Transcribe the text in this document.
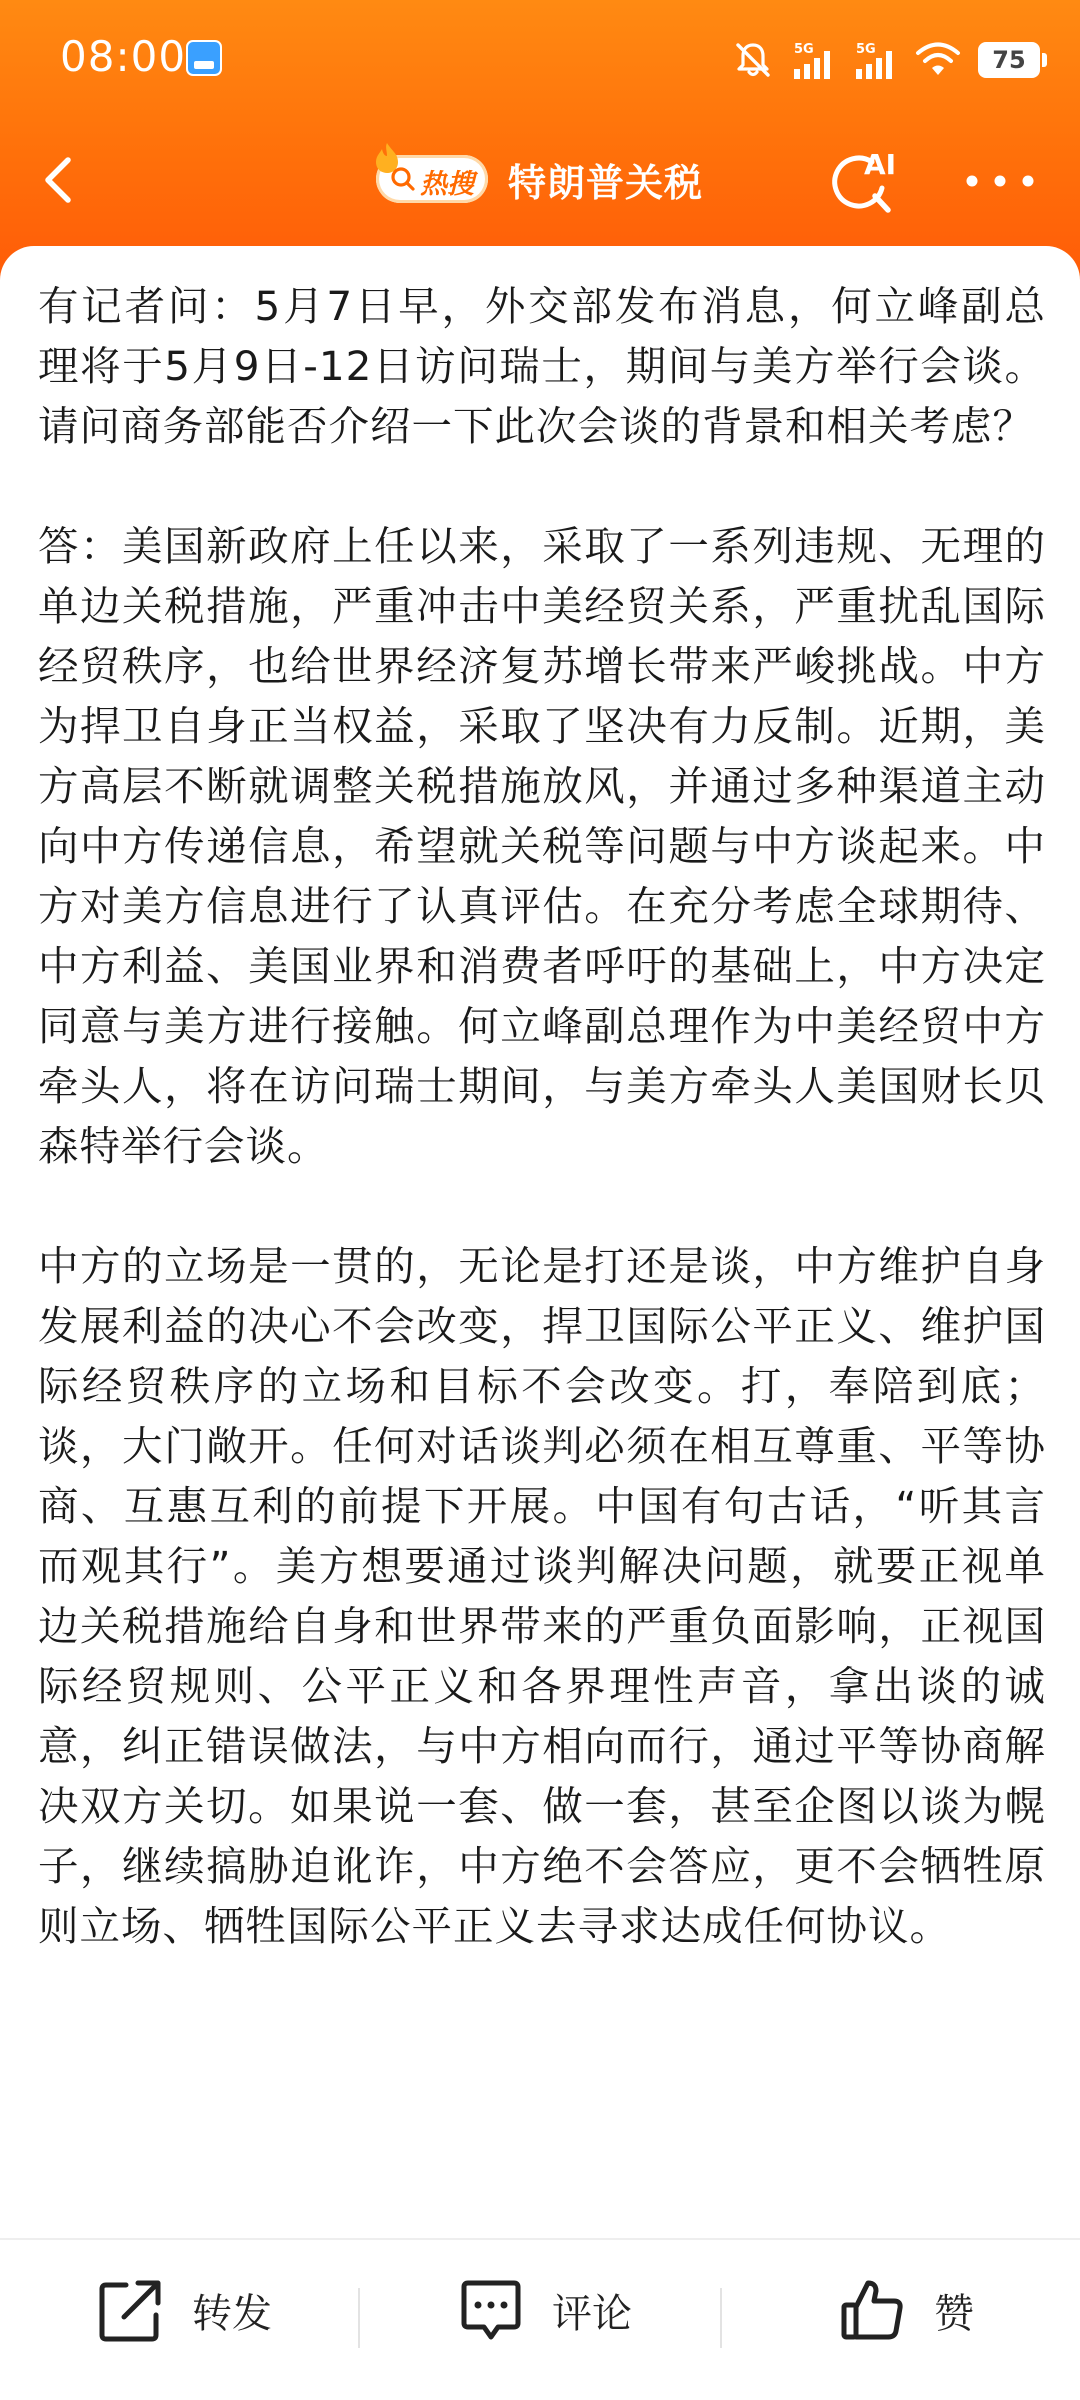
08:00	5G	5G	75
热搜 特朗普关税	AI

有记者问：5月7日早，外交部发布消息，何立峰副总理将于5月9日-12日访问瑞士，期间与美方举行会谈。请问商务部能否介绍一下此次会谈的背景和相关考虑？

答：美国新政府上任以来，采取了一系列违规、无理的单边关税措施，严重冲击中美经贸关系，严重扰乱国际经贸秩序，也给世界经济复苏增长带来严峻挑战。中方为捍卫自身正当权益，采取了坚决有力反制。近期，美方高层不断就调整关税措施放风，并通过多种渠道主动向中方传递信息，希望就关税等问题与中方谈起来。中方对美方信息进行了认真评估。在充分考虑全球期待、中方利益、美国业界和消费者呼吁的基础上，中方决定同意与美方进行接触。何立峰副总理作为中美经贸中方牵头人，将在访问瑞士期间，与美方牵头人美国财长贝森特举行会谈。

中方的立场是一贯的，无论是打还是谈，中方维护自身发展利益的决心不会改变，捍卫国际公平正义、维护国际经贸秩序的立场和目标不会改变。打，奉陪到底；谈，大门敞开。任何对话谈判必须在相互尊重、平等协商、互惠互利的前提下开展。中国有句古话，“听其言而观其行”。美方想要通过谈判解决问题，就要正视单边关税措施给自身和世界带来的严重负面影响，正视国际经贸规则、公平正义和各界理性声音，拿出谈的诚意，纠正错误做法，与中方相向而行，通过平等协商解决双方关切。如果说一套、做一套，甚至企图以谈为幌子，继续搞胁迫讹诈，中方绝不会答应，更不会牺牲原则立场、牺牲国际公平正义去寻求达成任何协议。

转发	评论	赞
